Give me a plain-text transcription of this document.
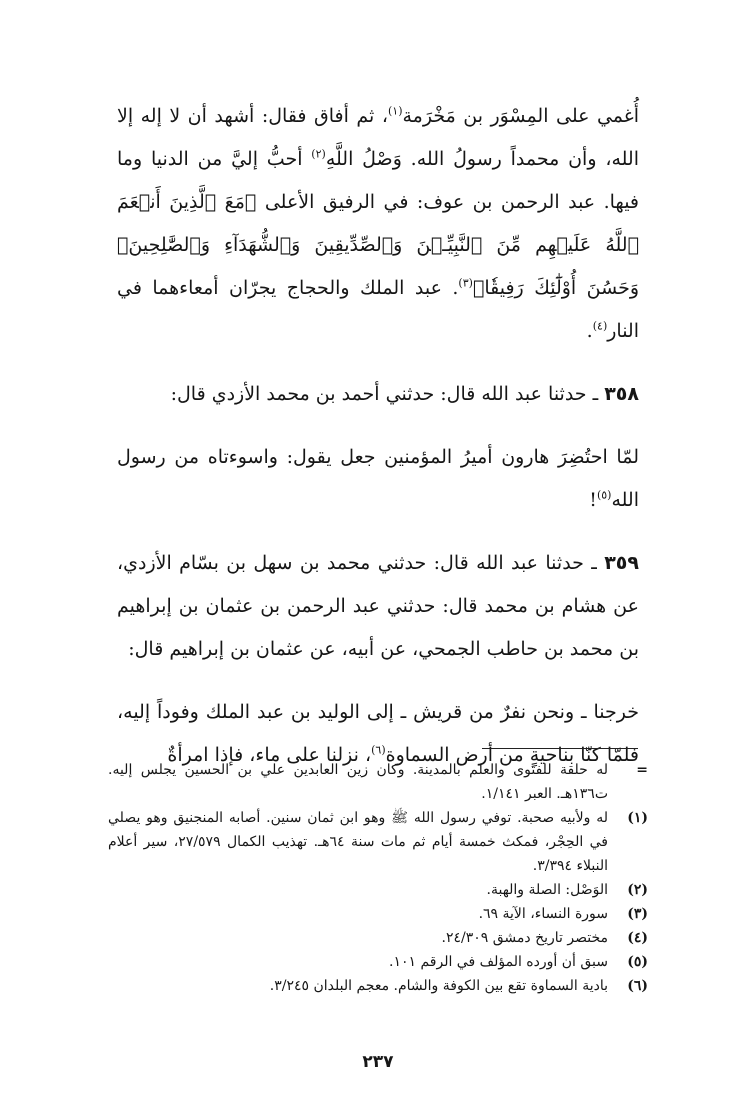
أُغمي على المِسْوَر بن مَخْرَمة$^{(١)}$، ثم أفاق فقال: أشهد أن لا إله إلا الله، وأن محمداً رسولُ الله. وَصْلُ اللَّهِ$^{(٢)}$ أحبُّ إليَّ من الدنيا وما فيها. عبد الرحمن بن عوف: في الرفيق الأعلى ﴿مَعَ ٱلَّذِينَ أَنۡعَمَ ٱللَّهُ عَلَيۡهِم مِّنَ ٱلنَّبِيِّـۧنَ وَٱلصِّدِّيقِينَ وَٱلشُّهَدَآءِ وَٱلصَّٰلِحِينَۚ وَحَسُنَ أُوْلَٰٓئِكَ رَفِيقٗا﴾$^{(٣)}$. عبد الملك والحجاج يجرّان أمعاءهما في النار$^{(٤)}$.

٣٥٨ ـ حدثنا عبد الله قال: حدثني أحمد بن محمد الأزدي قال:

لمّا احتُضِرَ هارون أميرُ المؤمنين جعل يقول: واسوءتاه من رسول الله$^{(٥)}$!

٣٥٩ ـ حدثنا عبد الله قال: حدثني محمد بن سهل بن بسّام الأزدي، عن هشام بن محمد قال: حدثني عبد الرحمن بن عثمان بن إبراهيم بن محمد بن حاطب الجمحي، عن أبيه، عن عثمان بن إبراهيم قال:

خرجنا ـ ونحن نفرٌ من قريش ـ إلى الوليد بن عبد الملك وفوداً إليه، فلمّا كنّا بناحيةٍ من أرض السماوة$^{(٦)}$، نزلنا على ماء، فإذا امرأةٌ

=
له حلقة للفتوى والعلم بالمدينة. وكان زين العابدين علي بن الحسين يجلس إليه. ت١٣٦هـ. العبر ١/١٤١.
(١)
له ولأبيه صحبة. توفي رسول الله ﷺ وهو ابن ثمان سنين. أصابه المنجنيق وهو يصلي في الحِجْر، فمكث خمسة أيام ثم مات سنة ٦٤هـ. تهذيب الكمال ٢٧/٥٧٩، سير أعلام النبلاء ٣/٣٩٤.
(٢)
الوَصْل: الصلة والهبة.
(٣)
سورة النساء، الآية ٦٩.
(٤)
مختصر تاريخ دمشق ٢٤/٣٠٩.
(٥)
سبق أن أورده المؤلف في الرقم ١٠١.
(٦)
بادية السماوة تقع بين الكوفة والشام. معجم البلدان ٣/٢٤٥.
٢٣٧
